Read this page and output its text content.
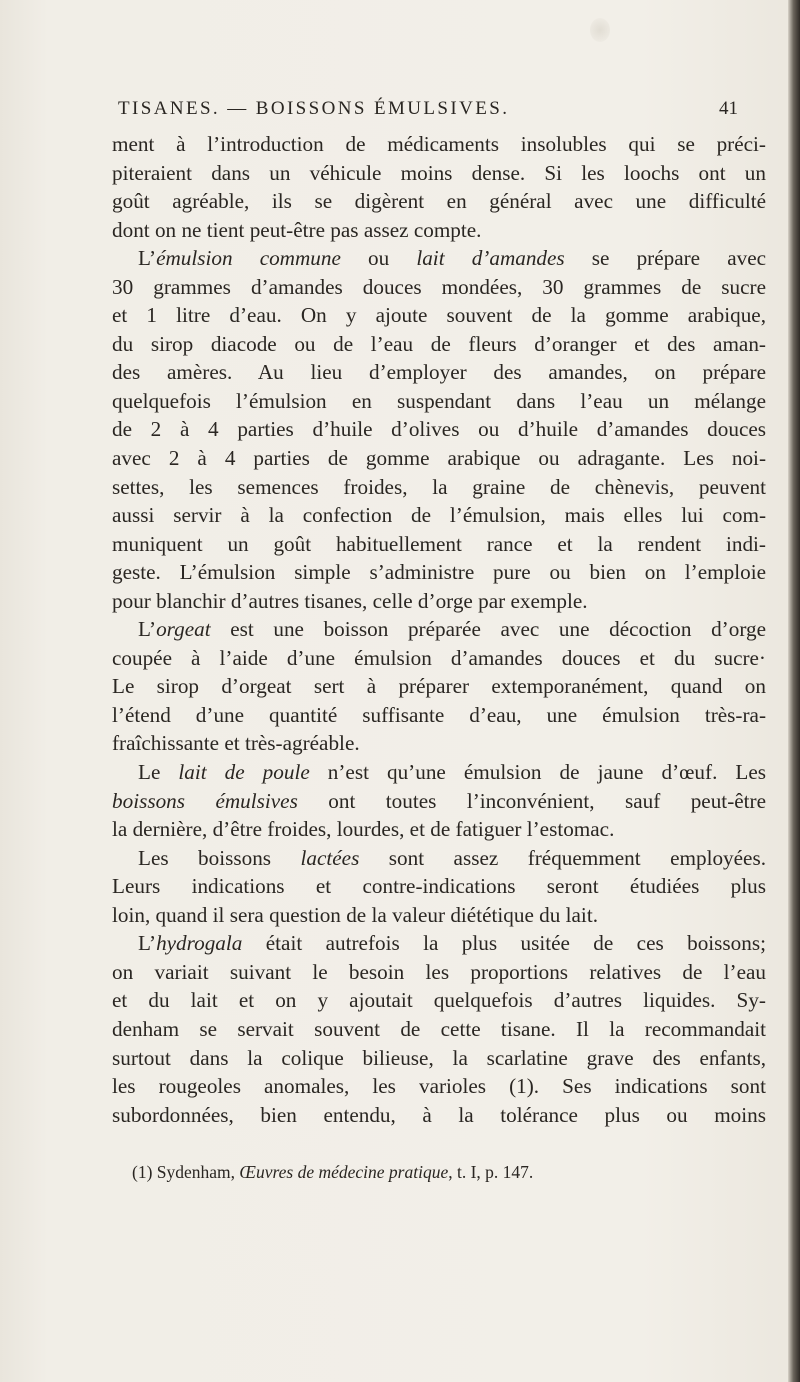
TISANES. — BOISSONS ÉMULSIVES.	41
ment à l’introduction de médicaments insolubles qui se préci-
piteraient dans un véhicule moins dense. Si les loochs ont un
goût agréable, ils se digèrent en général avec une difficulté
dont on ne tient peut-être pas assez compte.
L’émulsion commune ou lait d’amandes se prépare avec
30 grammes d’amandes douces mondées, 30 grammes de sucre
et 1 litre d’eau. On y ajoute souvent de la gomme arabique,
du sirop diacode ou de l’eau de fleurs d’oranger et des aman-
des amères. Au lieu d’employer des amandes, on prépare
quelquefois l’émulsion en suspendant dans l’eau un mélange
de 2 à 4 parties d’huile d’olives ou d’huile d’amandes douces
avec 2 à 4 parties de gomme arabique ou adragante. Les noi-
settes, les semences froides, la graine de chènevis, peuvent
aussi servir à la confection de l’émulsion, mais elles lui com-
muniquent un goût habituellement rance et la rendent indi-
geste. L’émulsion simple s’administre pure ou bien on l’emploie
pour blanchir d’autres tisanes, celle d’orge par exemple.
L’orgeat est une boisson préparée avec une décoction d’orge
coupée à l’aide d’une émulsion d’amandes douces et du sucre·
Le sirop d’orgeat sert à préparer extemporanément, quand on
l’étend d’une quantité suffisante d’eau, une émulsion très-ra-
fraîchissante et très-agréable.
Le lait de poule n’est qu’une émulsion de jaune d’œuf. Les
boissons émulsives ont toutes l’inconvénient, sauf peut-être
la dernière, d’être froides, lourdes, et de fatiguer l’estomac.
Les boissons lactées sont assez fréquemment employées.
Leurs indications et contre-indications seront étudiées plus
loin, quand il sera question de la valeur diététique du lait.
L’hydrogala était autrefois la plus usitée de ces boissons;
on variait suivant le besoin les proportions relatives de l’eau
et du lait et on y ajoutait quelquefois d’autres liquides. Sy-
denham se servait souvent de cette tisane. Il la recommandait
surtout dans la colique bilieuse, la scarlatine grave des enfants,
les rougeoles anomales, les varioles (1). Ses indications sont
subordonnées, bien entendu, à la tolérance plus ou moins
(1) Sydenham, Œuvres de médecine pratique, t. I, p. 147.
